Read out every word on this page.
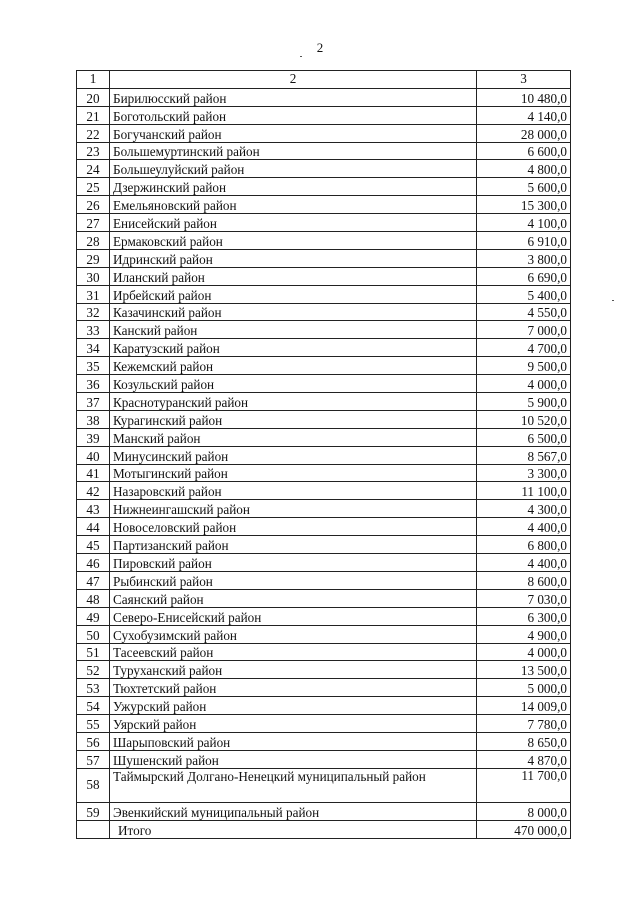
2
1	2	3
20	Бирилюсский район	10 480,0
21	Боготольский район	4 140,0
22	Богучанский район	28 000,0
23	Большемуртинский район	6 600,0
24	Большеулуйский район	4 800,0
25	Дзержинский район	5 600,0
26	Емельяновский район	15 300,0
27	Енисейский район	4 100,0
28	Ермаковский район	6 910,0
29	Идринский район	3 800,0
30	Иланский район	6 690,0
31	Ирбейский район	5 400,0
32	Казачинский район	4 550,0
33	Канский район	7 000,0
34	Каратузский район	4 700,0
35	Кежемский район	9 500,0
36	Козульский район	4 000,0
37	Краснотуранский район	5 900,0
38	Курагинский район	10 520,0
39	Манский район	6 500,0
40	Минусинский район	8 567,0
41	Мотыгинский район	3 300,0
42	Назаровский район	11 100,0
43	Нижнеингашский район	4 300,0
44	Новоселовский район	4 400,0
45	Партизанский район	6 800,0
46	Пировский район	4 400,0
47	Рыбинский район	8 600,0
48	Саянский район	7 030,0
49	Северо-Енисейский район	6 300,0
50	Сухобузимский район	4 900,0
51	Тасеевский район	4 000,0
52	Туруханский район	13 500,0
53	Тюхтетский район	5 000,0
54	Ужурский район	14 009,0
55	Уярский район	7 780,0
56	Шарыповский район	8 650,0
57	Шушенский район	4 870,0
58	Таймырский Долгано-Ненецкий муниципальный район	11 700,0
59	Эвенкийский муниципальный район	8 000,0
	Итого	470 000,0
